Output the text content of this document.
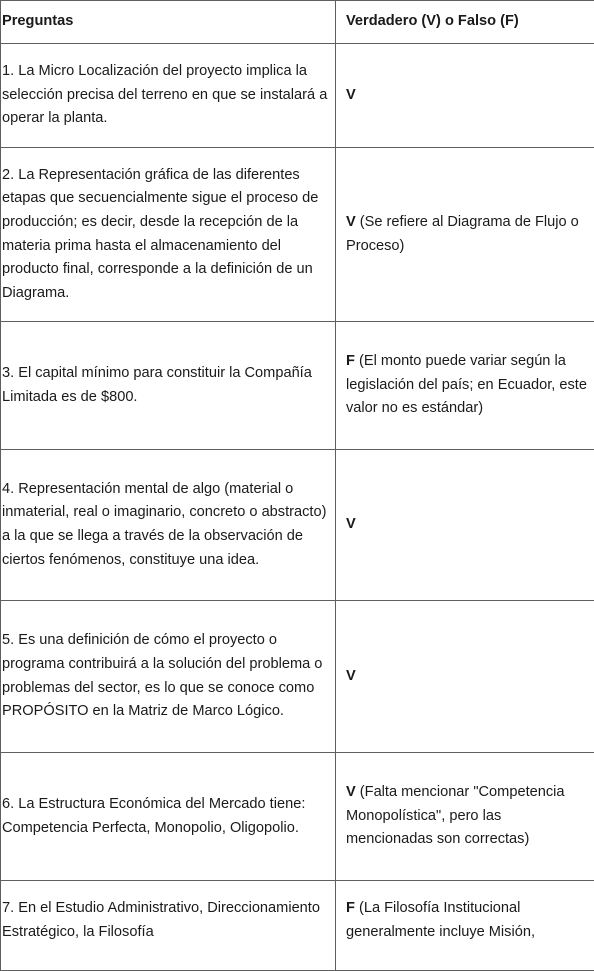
Preguntas	Verdadero (V) o Falso (F)
1. La Micro Localización del proyecto implica la selección precisa del terreno en que se instalará a operar la planta.	V
2. La Representación gráfica de las diferentes etapas que secuencialmente sigue el proceso de producción; es decir, desde la recepción de la materia prima hasta el almacenamiento del producto final, corresponde a la definición de un Diagrama.	V (Se refiere al Diagrama de Flujo o Proceso)
3. El capital mínimo para constituir la Compañía Limitada es de $800.	F (El monto puede variar según la legislación del país; en Ecuador, este valor no es estándar)
4. Representación mental de algo (material o inmaterial, real o imaginario, concreto o abstracto) a la que se llega a través de la observación de ciertos fenómenos, constituye una idea.	V
5. Es una definición de cómo el proyecto o programa contribuirá a la solución del problema o problemas del sector, es lo que se conoce como PROPÓSITO en la Matriz de Marco Lógico.	V
6. La Estructura Económica del Mercado tiene: Competencia Perfecta, Monopolio, Oligopolio.	V (Falta mencionar "Competencia Monopolística", pero las mencionadas son correctas)
7. En el Estudio Administrativo, Direccionamiento Estratégico, la Filosofía	F (La Filosofía Institucional generalmente incluye Misión,
